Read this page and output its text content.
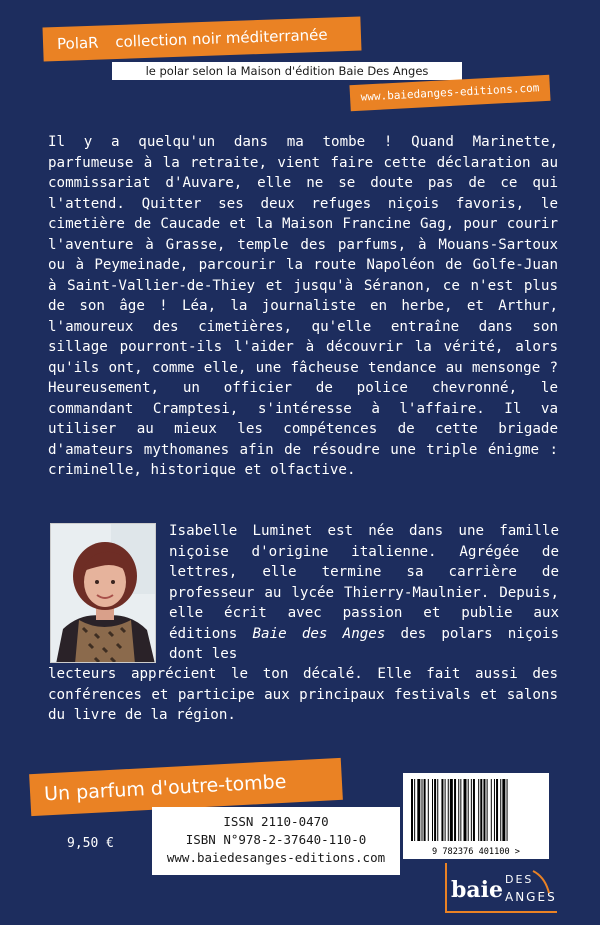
PolaR collection noir méditerranée
le polar selon la Maison d'édition Baie Des Anges
www.baiedanges-editions.com

Il y a quelqu'un dans ma tombe ! Quand Marinette, parfumeuse à la retraite, vient faire cette déclaration au commissariat d'Auvare, elle ne se doute pas de ce qui l'attend. Quitter ses deux refuges niçois favoris, le cimetière de Caucade et la Maison Francine Gag, pour courir l'aventure à Grasse, temple des parfums, à Mouans-Sartoux ou à Peymeinade, parcourir la route Napoléon de Golfe-Juan à Saint-Vallier-de-Thiey et jusqu'à Séranon, ce n'est plus de son âge ! Léa, la journaliste en herbe, et Arthur, l'amoureux des cimetières, qu'elle entraîne dans son sillage pourront-ils l'aider à découvrir la vérité, alors qu'ils ont, comme elle, une fâcheuse tendance au mensonge ? Heureusement, un officier de police chevronné, le commandant Cramptesi, s'intéresse à l'affaire. Il va utiliser au mieux les compétences de cette brigade d'amateurs mythomanes afin de résoudre une triple énigme : criminelle, historique et olfactive.

Isabelle Luminet est née dans une famille niçoise d'origine italienne. Agrégée de lettres, elle termine sa carrière de professeur au lycée Thierry-Maulnier. Depuis, elle écrit avec passion et publie aux éditions Baie des Anges des polars niçois dont les

lecteurs apprécient le ton décalé. Elle fait aussi des conférences et participe aux principaux festivals et salons du livre de la région.

Un parfum d'outre-tombe
9,50 €
ISSN 2110-0470
ISBN N°978-2-37640-110-0
www.baiedesanges-editions.com	9 782376 401100 >
baie DES
ANGES
